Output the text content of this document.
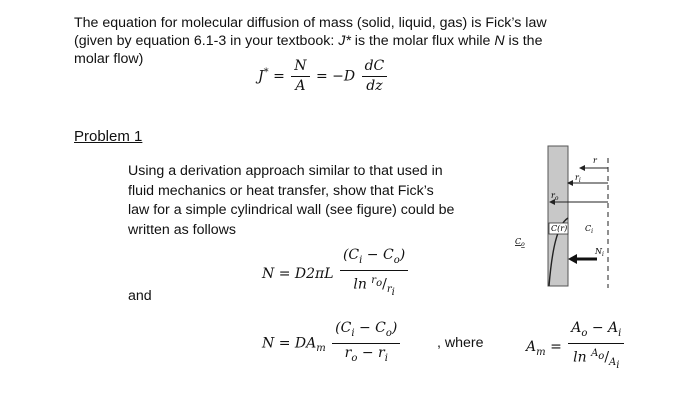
The equation for molecular diffusion of mass (solid, liquid, gas) is Fick’s law
(given by equation 6.1-3 in your textbook: J* is the molar flux while N is the
molar flow)
$J^* = \frac{N}{A} = -D \frac{dC}{dz}$
Problem 1
Using a derivation approach similar to that used in
fluid mechanics or heat transfer, show that Fick’s
law for a simple cylindrical wall (see figure) could be
written as follows
$N = D2\pi L \frac{(C_i - C_o)}{\ln ^{r_o}/_{r_i}}$
and
$N = DA_m \frac{(C_i - C_o)}{r_o - r_i}$	, where	$A_m = \frac{A_o - A_i}{\ln ^{A_o}/_{A_i}}$
r
$r_i$
$r_o$
C(r) $C_i$
$C_o$
$N_i$
